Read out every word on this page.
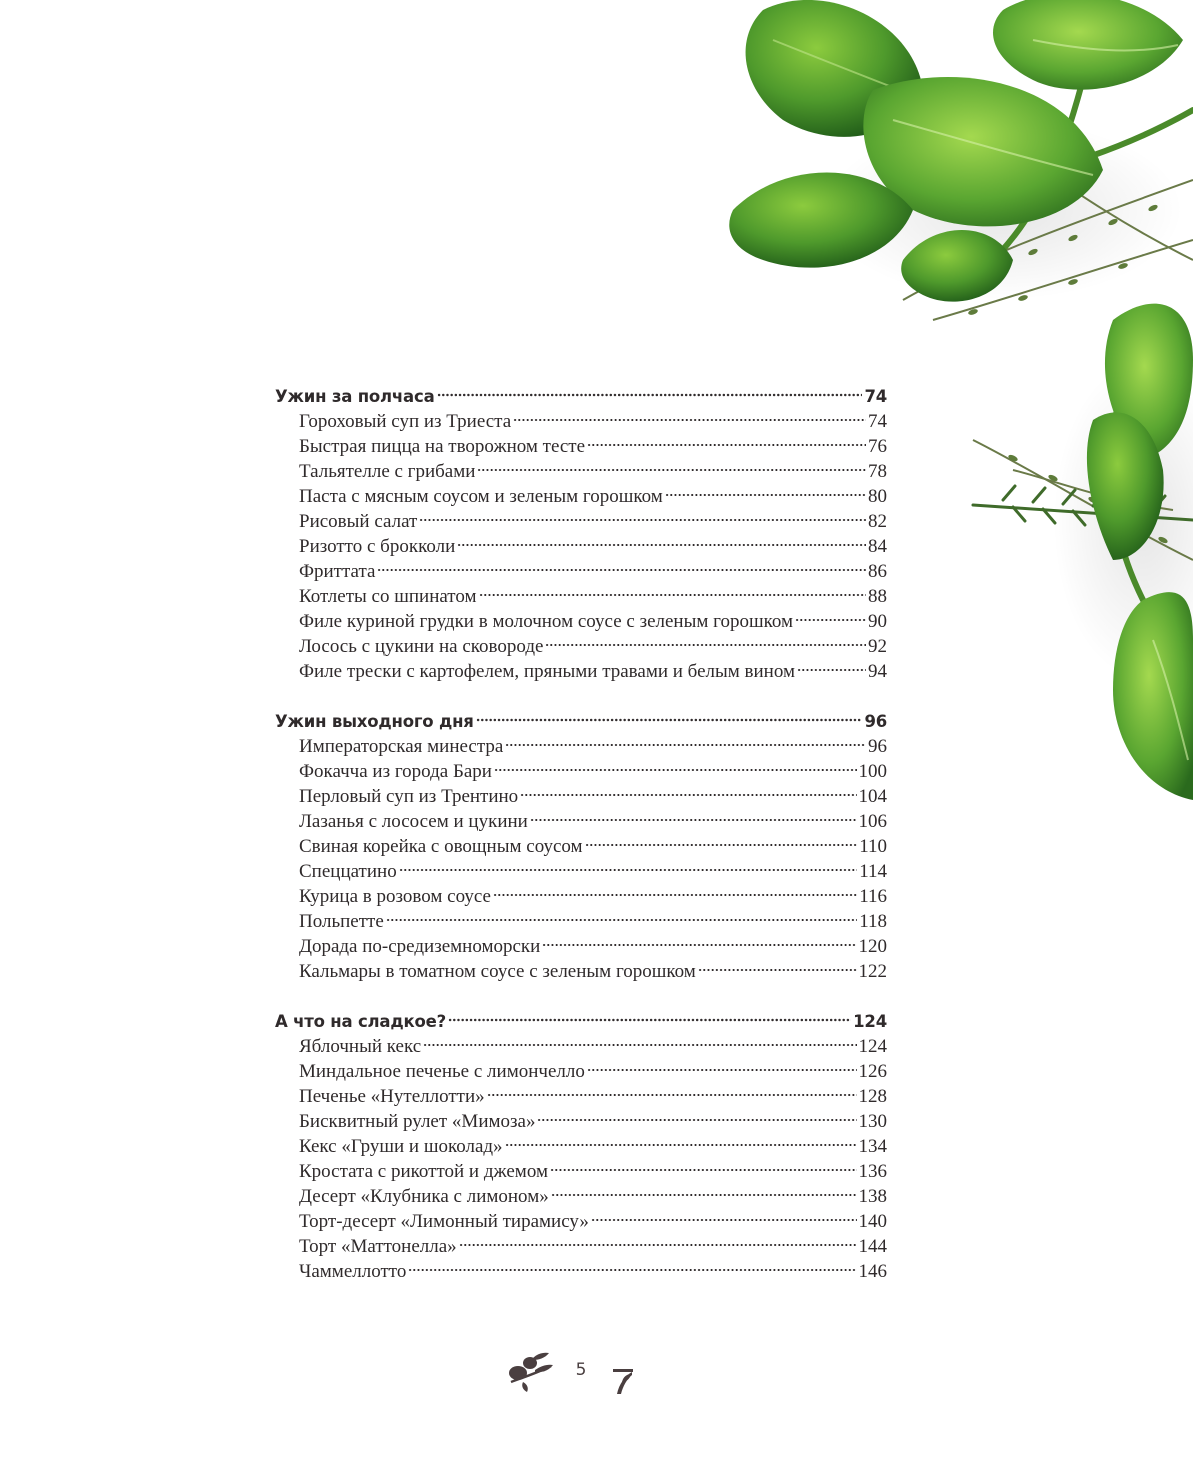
Ужин за полчаса	74
Гороховый суп из Триеста	74
Быстрая пицца на творожном тесте	76
Тальятелле с грибами	78
Паста с мясным соусом и зеленым горошком	80
Рисовый салат	82
Ризотто с брокколи	84
Фриттата	86
Котлеты со шпинатом	88
Филе куриной грудки в молочном соусе с зеленым горошком	90
Лосось с цукини на сковороде	92
Филе трески с картофелем, пряными травами и белым вином	94
Ужин выходного дня	96
Императорская минестра	96
Фокачча из города Бари	100
Перловый суп из Трентино	104
Лазанья с лососем и цукини	106
Свиная корейка с овощным соусом	110
Спеццатино	114
Курица в розовом соусе	116
Польпетте	118
Дорада по-средиземноморски	120
Кальмары в томатном соусе с зеленым горошком	122
А что на сладкое?	124
Яблочный кекс	124
Миндальное печенье с лимончелло	126
Печенье «Нутеллотти»	128
Бисквитный рулет «Мимоза»	130
Кекс «Груши и шоколад»	134
Кростата с рикоттой и джемом	136
Десерт «Клубника с лимоном»	138
Торт-десерт «Лимонный тирамису»	140
Торт «Маттонелла»	144
Чаммеллотто	146
5
